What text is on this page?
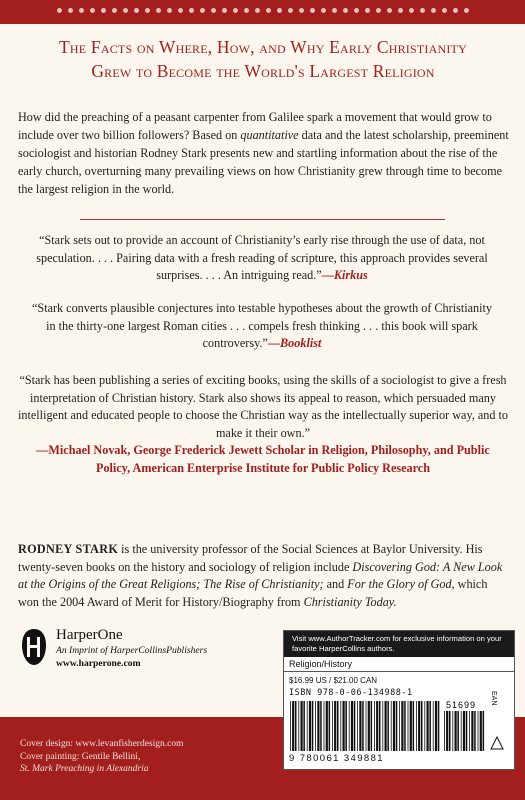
The Facts on Where, How, and Why Early Christianity
Grew to Become the World's Largest Religion
How did the preaching of a peasant carpenter from Galilee spark a movement that would grow to include over two billion followers? Based on quantitative data and the latest scholarship, preeminent sociologist and historian Rodney Stark presents new and startling information about the rise of the early church, overturning many prevailing views on how Christianity grew through time to become the largest religion in the world.
“Stark sets out to provide an account of Christianity’s early rise through the use of data, not speculation. . . . Pairing data with a fresh reading of scripture, this approach provides several surprises. . . . An intriguing read.”—Kirkus
“Stark converts plausible conjectures into testable hypotheses about the growth of Christianity in the thirty-one largest Roman cities . . . compels fresh thinking . . . this book will spark controversy.”—Booklist
“Stark has been publishing a series of exciting books, using the skills of a sociologist to give a fresh interpretation of Christian history. Stark also shows its appeal to reason, which persuaded many intelligent and educated people to choose the Christian way as the intellectually superior way, and to make it their own.”
—Michael Novak, George Frederick Jewett Scholar in Religion, Philosophy, and Public Policy, American Enterprise Institute for Public Policy Research
RODNEY STARK is the university professor of the Social Sciences at Baylor University. His twenty-seven books on the history and sociology of religion include Discovering God: A New Look at the Origins of the Great Religions; The Rise of Christianity; and For the Glory of God, which won the 2004 Award of Merit for History/Biography from Christianity Today.
HarperOne
An Imprint of HarperCollinsPublishers
www.harperone.com
Visit www.AuthorTracker.com for exclusive information on your favorite HarperCollins authors.
Religion/History
$16.99 US / $21.00 CAN
ISBN 978-0-06-134988-1	EAN
51699
9 780061 349881
Cover design: www.levanfisherdesign.com
Cover painting: Gentile Bellini,
St. Mark Preaching in Alexandria
